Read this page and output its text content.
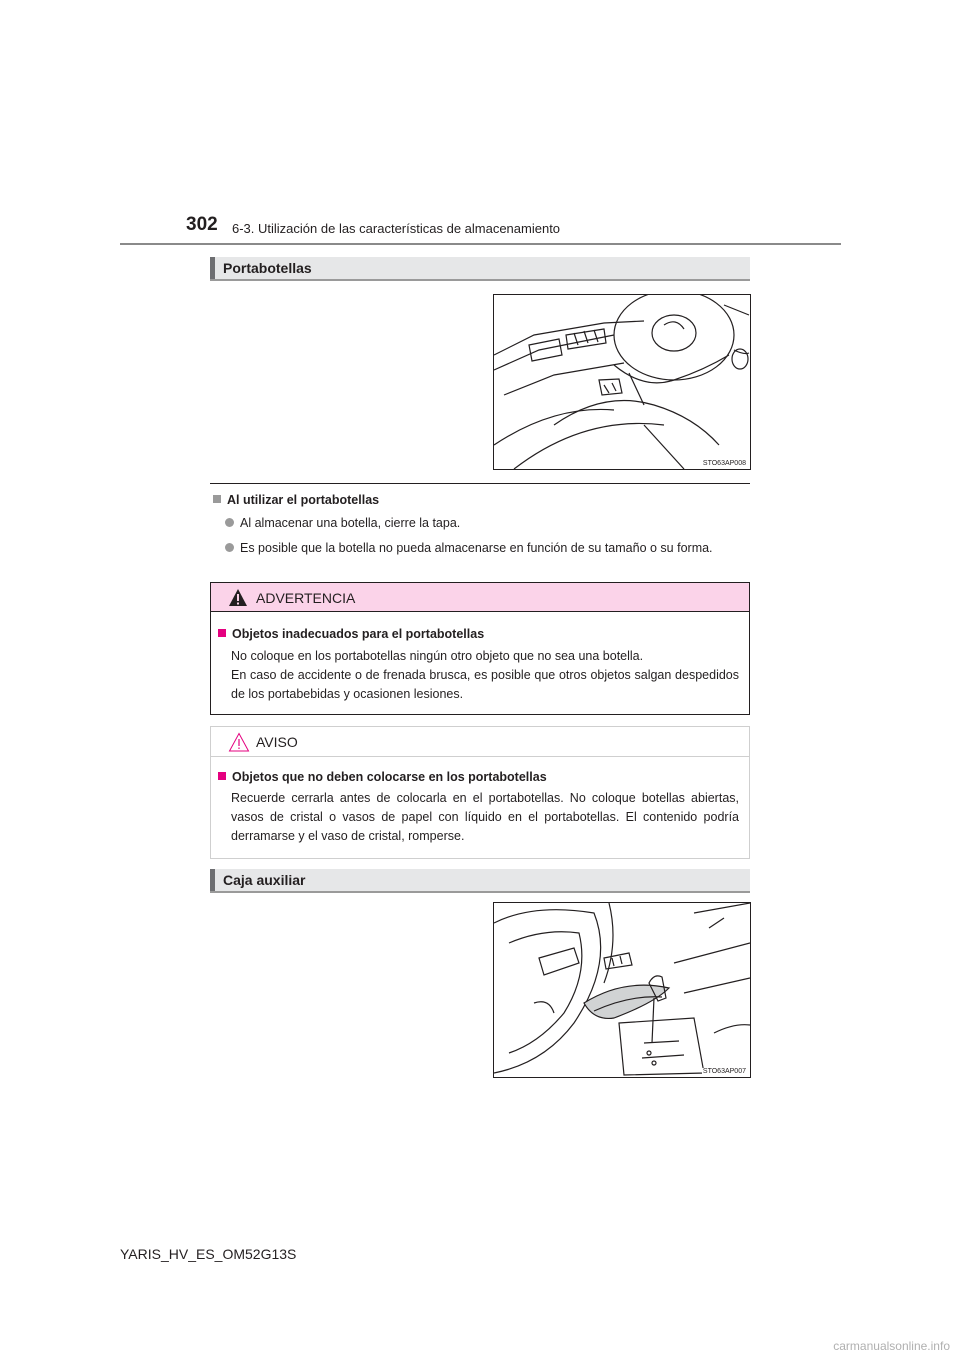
302 6-3. Utilización de las características de almacenamiento
Portabotellas
STO63AP008
Al utilizar el portabotellas
Al almacenar una botella, cierre la tapa.
Es posible que la botella no pueda almacenarse en función de su tamaño o su forma.
ADVERTENCIA
Objetos inadecuados para el portabotellas
No coloque en los portabotellas ningún otro objeto que no sea una botella.
En caso de accidente o de frenada brusca, es posible que otros objetos salgan despedidos de los portabebidas y ocasionen lesiones.
AVISO
Objetos que no deben colocarse en los portabotellas
Recuerde cerrarla antes de colocarla en el portabotellas. No coloque botellas abiertas, vasos de cristal o vasos de papel con líquido en el portabotellas. El contenido podría derramarse y el vaso de cristal, romperse.
Caja auxiliar
STO63AP007
YARIS_HV_ES_OM52G13S
carmanualsonline.info
